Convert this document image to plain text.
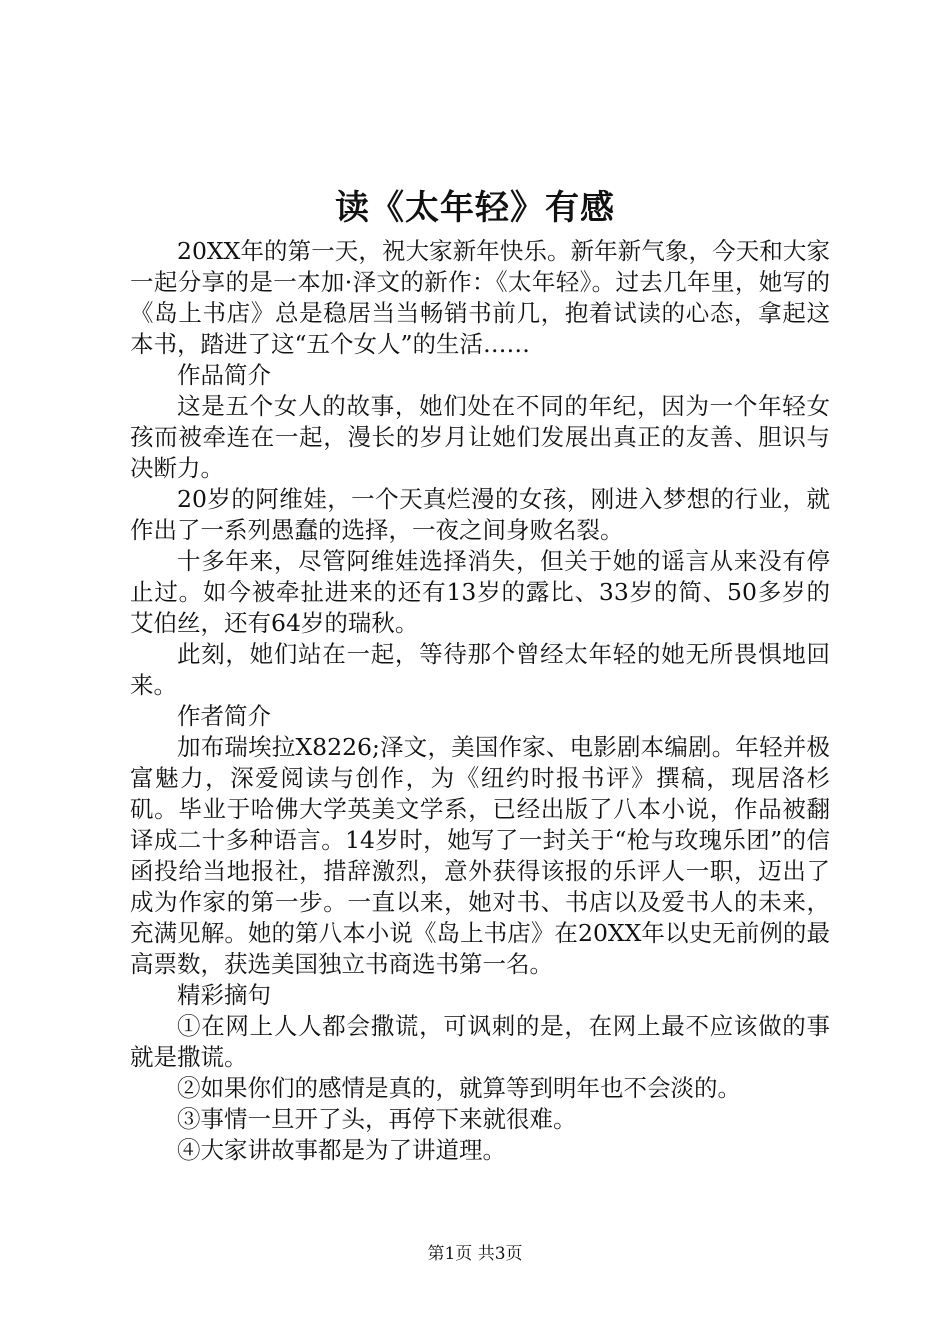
读《太年轻》有感

20XX年的第一天，祝大家新年快乐。新年新气象，今天和大家一起分享的是一本加·泽文的新作：《太年轻》。过去几年里，她写的《岛上书店》总是稳居当当畅销书前几，抱着试读的心态，拿起这本书，踏进了这“五个女人”的生活……

作品简介

这是五个女人的故事，她们处在不同的年纪，因为一个年轻女孩而被牵连在一起，漫长的岁月让她们发展出真正的友善、胆识与决断力。

20岁的阿维娃，一个天真烂漫的女孩，刚进入梦想的行业，就作出了一系列愚蠢的选择，一夜之间身败名裂。

十多年来，尽管阿维娃选择消失，但关于她的谣言从来没有停止过。如今被牵扯进来的还有13岁的露比、33岁的简、50多岁的艾伯丝，还有64岁的瑞秋。

此刻，她们站在一起，等待那个曾经太年轻的她无所畏惧地回来。

作者简介

加布瑞埃拉X8226;泽文，美国作家、电影剧本编剧。年轻并极富魅力，深爱阅读与创作，为《纽约时报书评》撰稿，现居洛杉矶。毕业于哈佛大学英美文学系，已经出版了八本小说，作品被翻译成二十多种语言。14岁时，她写了一封关于“枪与玫瑰乐团”的信函投给当地报社，措辞激烈，意外获得该报的乐评人一职，迈出了成为作家的第一步。一直以来，她对书、书店以及爱书人的未来，充满见解。她的第八本小说《岛上书店》在20XX年以史无前例的最高票数，获选美国独立书商选书第一名。

精彩摘句

①在网上人人都会撒谎，可讽刺的是，在网上最不应该做的事就是撒谎。

②如果你们的感情是真的，就算等到明年也不会淡的。

③事情一旦开了头，再停下来就很难。

④大家讲故事都是为了讲道理。

第1页 共3页
